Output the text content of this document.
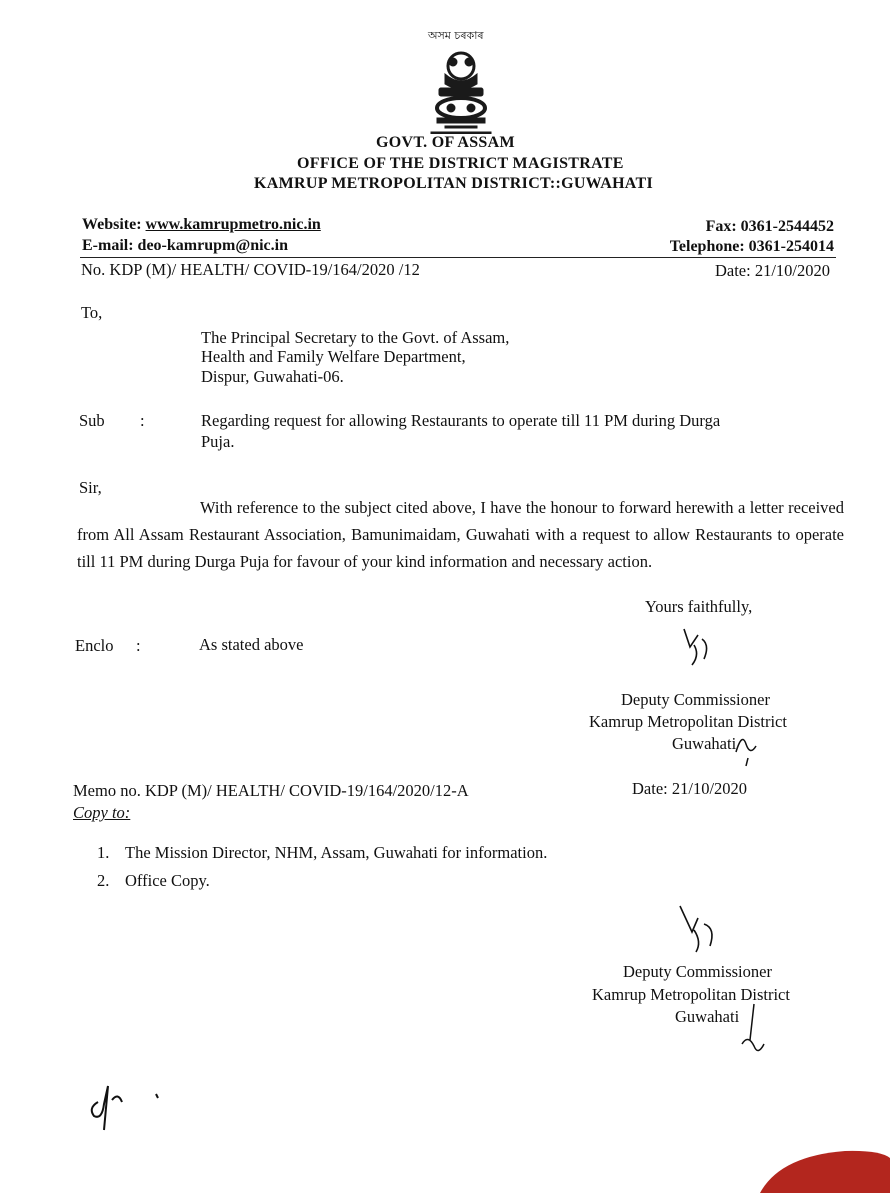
অসম চৰকাৰ
GOVT. OF ASSAM
OFFICE OF THE DISTRICT MAGISTRATE
KAMRUP METROPOLITAN DISTRICT::GUWAHATI
Website: www.kamrupmetro.nic.in
E-mail: deo-kamrupm@nic.in
Fax: 0361-2544452
Telephone: 0361-254014
No. KDP (M)/ HEALTH/ COVID-19/164/2020 /12	Date: 21/10/2020
To,
The Principal Secretary to the Govt. of Assam,
Health and Family Welfare Department,
Dispur, Guwahati-06.
Sub :	Regarding request for allowing Restaurants to operate till 11 PM during Durga
Puja.
Sir,
With reference to the subject cited above, I have the honour to forward herewith a letter received from All Assam Restaurant Association, Bamunimaidam, Guwahati with a request to allow Restaurants to operate till 11 PM during Durga Puja for favour of your kind information and necessary action.
Yours faithfully,
Enclo :	As stated above
Deputy Commissioner
Kamrup Metropolitan District
Guwahati
Memo no. KDP (M)/ HEALTH/ COVID-19/164/2020/12-A	Date: 21/10/2020
Copy to:
1. The Mission Director, NHM, Assam, Guwahati for information.
2. Office Copy.
Deputy Commissioner
Kamrup Metropolitan District
Guwahati
